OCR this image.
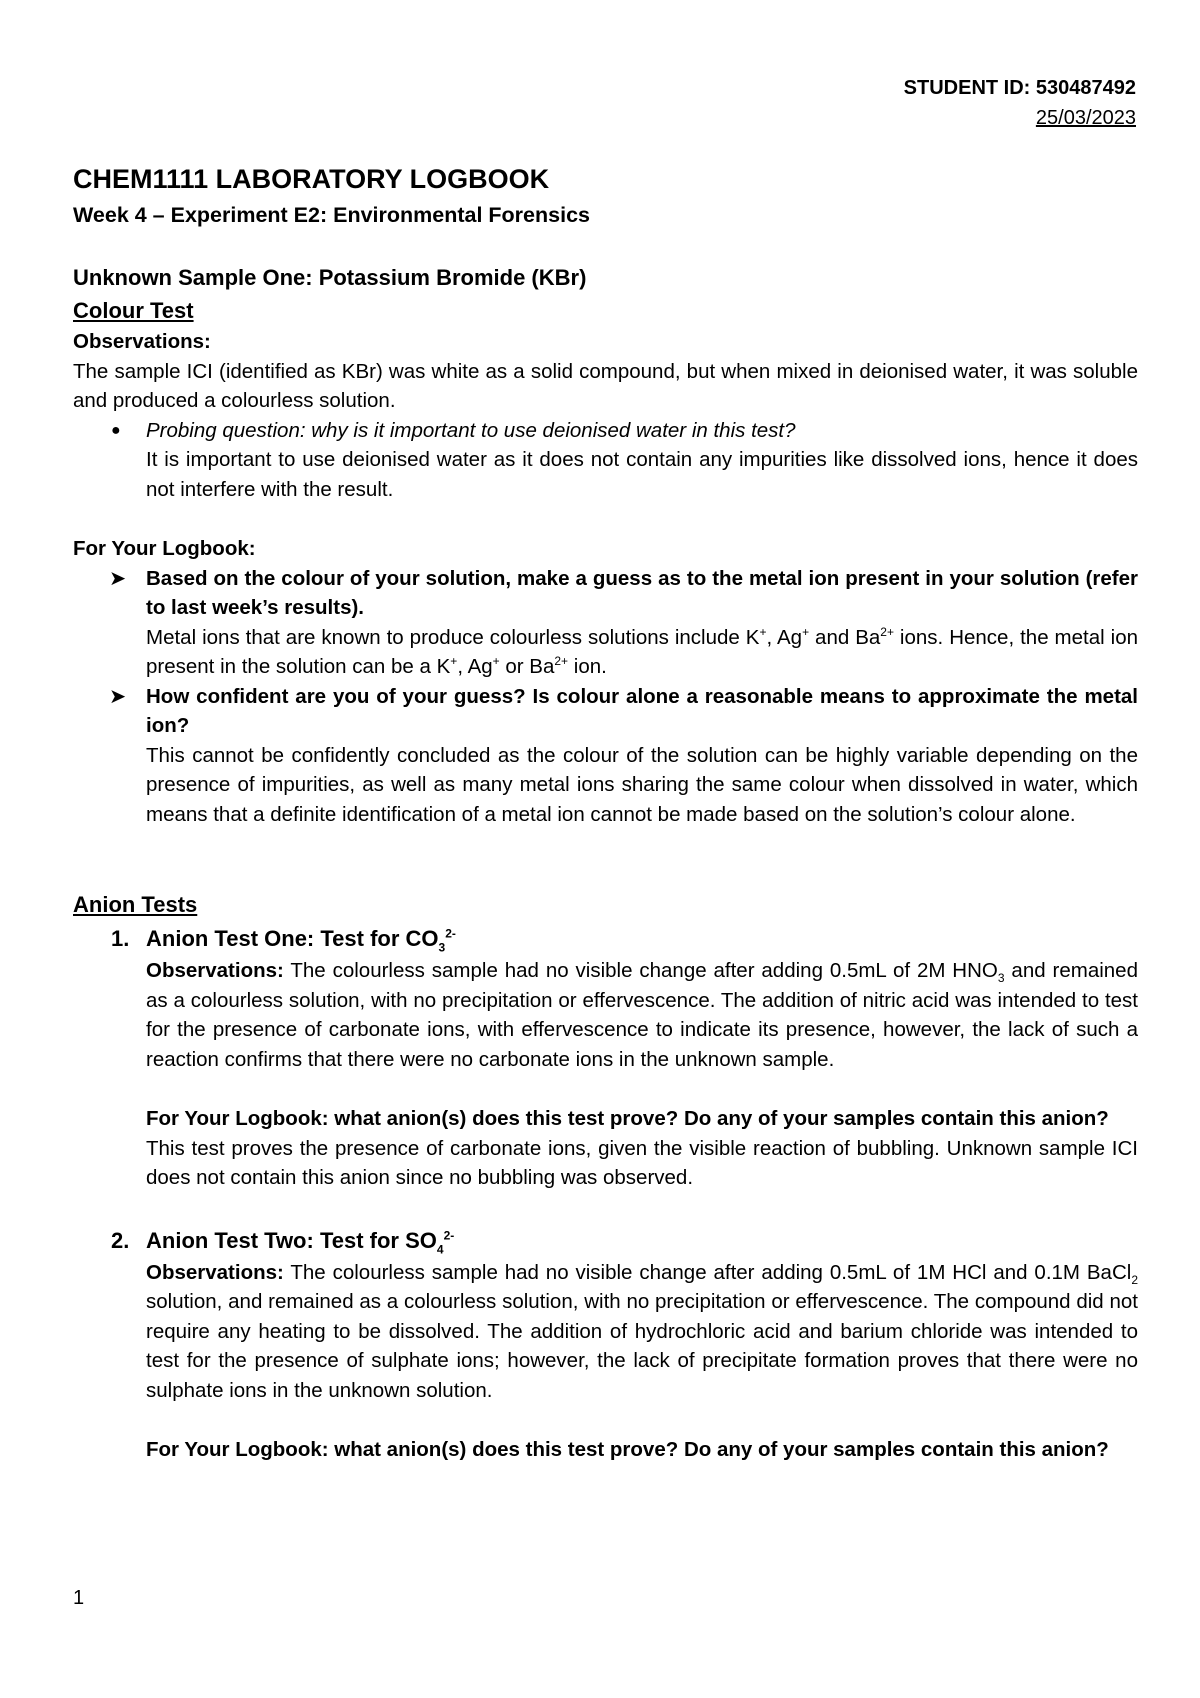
STUDENT ID: 530487492
25/03/2023
CHEM1111 LABORATORY LOGBOOK
Week 4 – Experiment E2: Environmental Forensics
Unknown Sample One: Potassium Bromide (KBr)
Colour Test
Observations:

The sample ICI (identified as KBr) was white as a solid compound, but when mixed in deionised water, it was soluble and produced a colourless solution.

● Probing question: why is it important to use deionised water in this test?

It is important to use deionised water as it does not contain any impurities like dissolved ions, hence it does not interfere with the result.

For Your Logbook:
➤ Based on the colour of your solution, make a guess as to the metal ion present in your solution (refer to last week’s results).

Metal ions that are known to produce colourless solutions include K+, Ag+ and $Ba^{2+}$ ions. Hence, the metal ion present in the solution can be a K+, Ag+ or $Ba^{2+}$ ion.

➤ How confident are you of your guess? Is colour alone a reasonable means to approximate the metal ion?

This cannot be confidently concluded as the colour of the solution can be highly variable depending on the presence of impurities, as well as many metal ions sharing the same colour when dissolved in water, which means that a definite identification of a metal ion cannot be made based on the solution’s colour alone.

Anion Tests
1. Anion Test One: Test for $CO_3^{2-}$

Observations: The colourless sample had no visible change after adding 0.5mL of 2M $HNO_3$ and remained as a colourless solution, with no precipitation or effervescence. The addition of nitric acid was intended to test for the presence of carbonate ions, with effervescence to indicate its presence, however, the lack of such a reaction confirms that there were no carbonate ions in the unknown sample.

For Your Logbook: what anion(s) does this test prove? Do any of your samples contain this anion?

This test proves the presence of carbonate ions, given the visible reaction of bubbling. Unknown sample ICI does not contain this anion since no bubbling was observed.

2. Anion Test Two: Test for $SO_4^{2-}$

Observations: The colourless sample had no visible change after adding 0.5mL of 1M HCl and 0.1M BaCl$_2$ solution, and remained as a colourless solution, with no precipitation or effervescence. The compound did not require any heating to be dissolved. The addition of hydrochloric acid and barium chloride was intended to test for the presence of sulphate ions; however, the lack of precipitate formation proves that there were no sulphate ions in the unknown solution.

For Your Logbook: what anion(s) does this test prove? Do any of your samples contain this anion?

1
